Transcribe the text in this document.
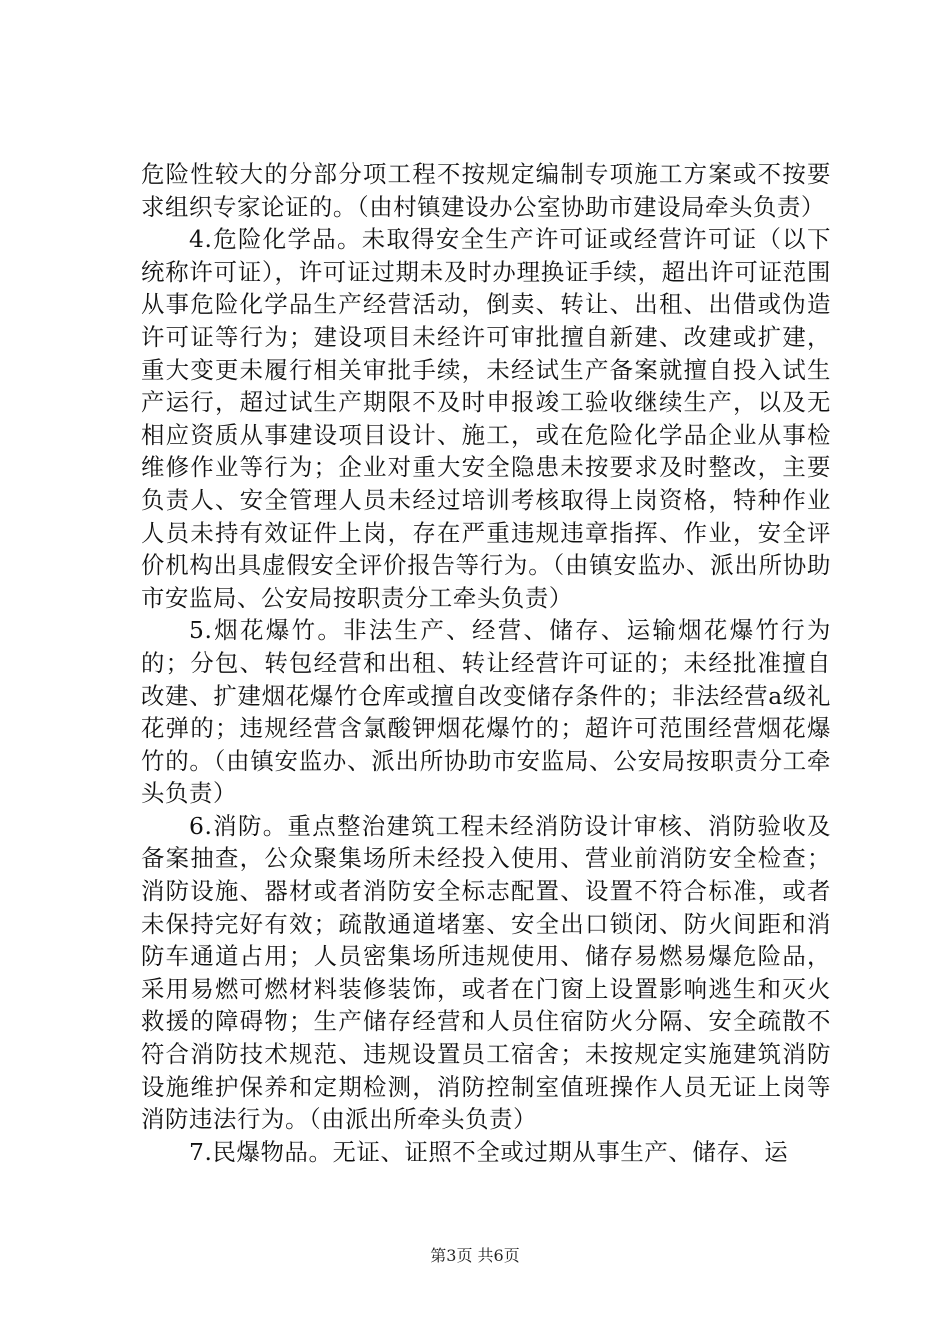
危险性较大的分部分项工程不按规定编制专项施工方案或不按要求组织专家论证的。（由村镇建设办公室协助市建设局牵头负责）

4.危险化学品。未取得安全生产许可证或经营许可证（以下统称许可证），许可证过期未及时办理换证手续，超出许可证范围从事危险化学品生产经营活动，倒卖、转让、出租、出借或伪造许可证等行为；建设项目未经许可审批擅自新建、改建或扩建，重大变更未履行相关审批手续，未经试生产备案就擅自投入试生产运行，超过试生产期限不及时申报竣工验收继续生产，以及无相应资质从事建设项目设计、施工，或在危险化学品企业从事检维修作业等行为；企业对重大安全隐患未按要求及时整改，主要负责人、安全管理人员未经过培训考核取得上岗资格，特种作业人员未持有效证件上岗，存在严重违规违章指挥、作业，安全评价机构出具虚假安全评价报告等行为。（由镇安监办、派出所协助市安监局、公安局按职责分工牵头负责）

5.烟花爆竹。非法生产、经营、储存、运输烟花爆竹行为的；分包、转包经营和出租、转让经营许可证的；未经批准擅自改建、扩建烟花爆竹仓库或擅自改变储存条件的；非法经营a级礼花弹的；违规经营含氯酸钾烟花爆竹的；超许可范围经营烟花爆竹的。（由镇安监办、派出所协助市安监局、公安局按职责分工牵头负责）

6.消防。重点整治建筑工程未经消防设计审核、消防验收及备案抽查，公众聚集场所未经投入使用、营业前消防安全检查；消防设施、器材或者消防安全标志配置、设置不符合标准，或者未保持完好有效；疏散通道堵塞、安全出口锁闭、防火间距和消防车通道占用；人员密集场所违规使用、储存易燃易爆危险品，采用易燃可燃材料装修装饰，或者在门窗上设置影响逃生和灭火救援的障碍物；生产储存经营和人员住宿防火分隔、安全疏散不符合消防技术规范、违规设置员工宿舍；未按规定实施建筑消防设施维护保养和定期检测，消防控制室值班操作人员无证上岗等消防违法行为。（由派出所牵头负责）

7.民爆物品。无证、证照不全或过期从事生产、储存、运

第3页 共6页
